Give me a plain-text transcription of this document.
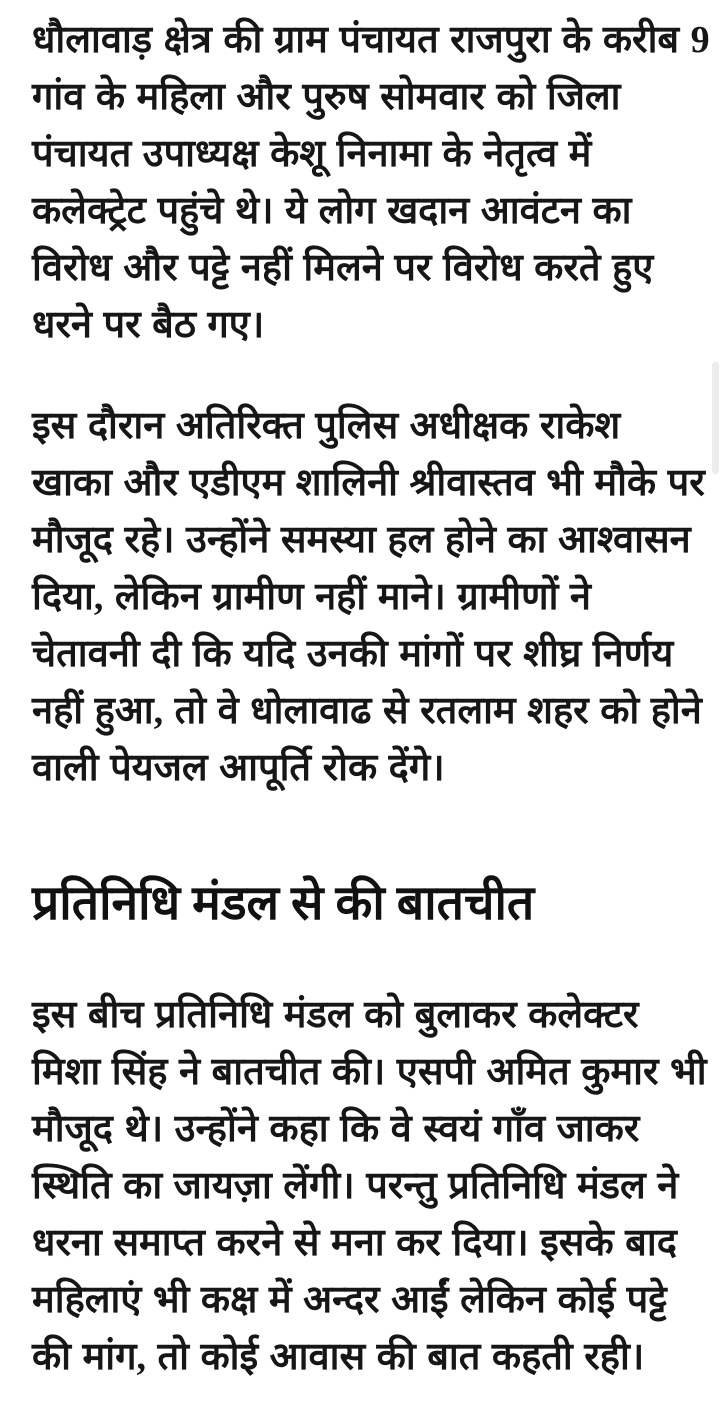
धौलावाड़ क्षेत्र की ग्राम पंचायत राजपुरा के करीब 9 गांव के महिला और पुरुष सोमवार को जिला पंचायत उपाध्यक्ष केशू निनामा के नेतृत्व में कलेक्ट्रेट पहुंचे थे। ये लोग खदान आवंटन का विरोध और पट्टे नहीं मिलने पर विरोध करते हुए धरने पर बैठ गए।

इस दौरान अतिरिक्त पुलिस अधीक्षक राकेश खाका और एडीएम शालिनी श्रीवास्तव भी मौके पर मौजूद रहे। उन्होंने समस्या हल होने का आश्वासन दिया, लेकिन ग्रामीण नहीं माने। ग्रामीणों ने चेतावनी दी कि यदि उनकी मांगों पर शीघ्र निर्णय नहीं हुआ, तो वे धोलावाढ से रतलाम शहर को होने वाली पेयजल आपूर्ति रोक देंगे।

प्रतिनिधि मंडल से की बातचीत

इस बीच प्रतिनिधि मंडल को बुलाकर कलेक्टर मिशा सिंह ने बातचीत की। एसपी अमित कुमार भी मौजूद थे। उन्होंने कहा कि वे स्वयं गाँव जाकर स्थिति का जायज़ा लेंगी। परन्तु प्रतिनिधि मंडल ने धरना समाप्त करने से मना कर दिया। इसके बाद महिलाएं भी कक्ष में अन्दर आईं लेकिन कोई पट्टे की मांग, तो कोई आवास की बात कहती रही।
